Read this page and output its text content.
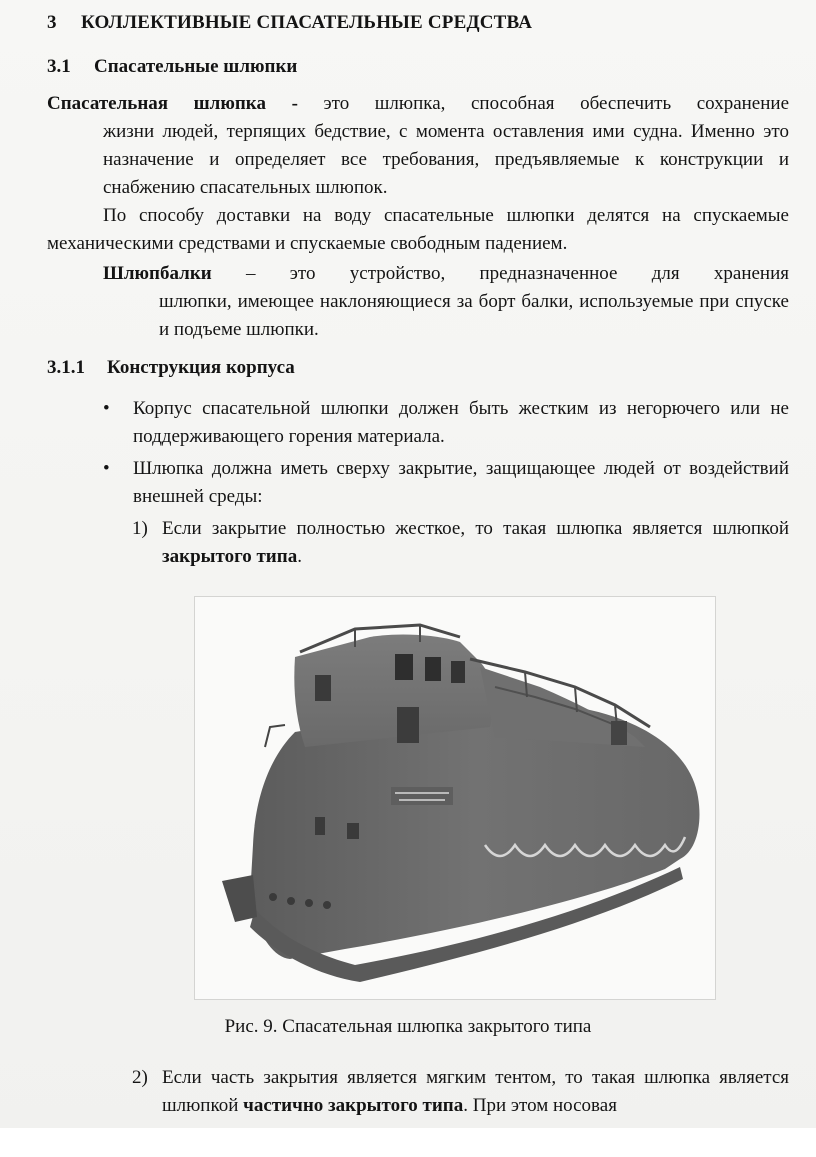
3 КОЛЛЕКТИВНЫЕ СПАСАТЕЛЬНЫЕ СРЕДСТВА
3.1 Спасательные шлюпки
Спасательная шлюпка - это шлюпка, способная обеспечить сохранение
жизни людей, терпящих бедствие, с момента оставления ими судна. Именно это назначение и определяет все требования, предъявляемые к конструкции и снабжению спасательных шлюпок.
По способу доставки на воду спасательные шлюпки делятся на спускаемые механическими средствами и спускаемые свободным падением.
Шлюпбалки – это устройство, предназначенное для хранения
шлюпки, имеющее наклоняющиеся за борт балки, используемые при спуске и подъеме шлюпки.
3.1.1 Конструкция корпуса
•	Корпус спасательной шлюпки должен быть жестким из негорючего или не поддерживающего горения материала.
•	Шлюпка должна иметь сверху закрытие, защищающее людей от воздействий внешней среды:
1) Если закрытие полностью жесткое, то такая шлюпка является шлюпкой закрытого типа.
Рис. 9. Спасательная шлюпка закрытого типа
2) Если часть закрытия является мягким тентом, то такая шлюпка является шлюпкой частично закрытого типа. При этом носовая
